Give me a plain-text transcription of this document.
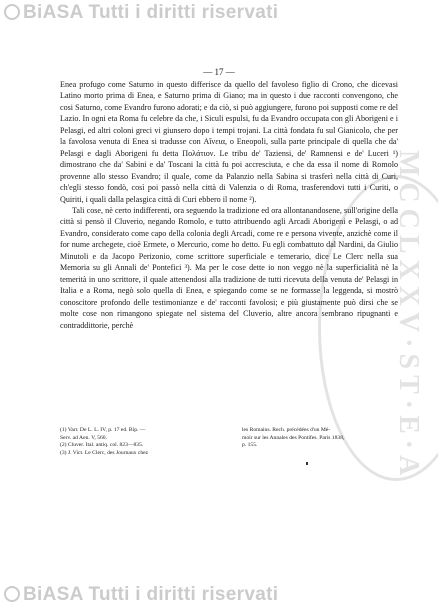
BiASA Tutti i diritti riservati
MCCLXXV·ST·E·A
— 17 —

Enea profugo come Saturno in questo differisce da quello del favoleso figlio di Crono, che dicevasi Latino morto prima di Enea, e Saturno prima di Giano; ma in questo i due racconti convengono, che cosi Saturno, come Evandro furono adorati; e da ciò, si può aggiungere, furono poi supposti come re del Lazio. In ogni eta Roma fu celebre da che, i Siculi espulsi, fu da Evandro occupata con gli Aborigeni e i Pelasgi, ed altri coloni greci vi giunsero dopo i tempi trojani. La città fondata fu sul Gianicolo, che per la favolosa venuta di Enea si tradusse con Αἴνεια, o Eneopoli, sulla parte principale di quella che da' Pelasgi e dagli Aborigeni fu detta Πολάτιον. Le tribu de' Taziensi, de' Ramnensi e de' Luceri ¹) dimostrano che da' Sabini e da' Toscani la città fu poi accresciuta, e che da essa il nome di Romolo provenne allo stesso Evandro; il quale, come da Palanzio nella Sabina si trasferì nella città di Curi, ch'egli stesso fondò, così poi passò nella città di Valenzia o di Roma, trasferendovi tutti i Curiti, o Quiriti, i quali dalla pelasgica città di Curi ebbero il nome ²).

Tali cose, nè certo indifferenti, ora seguendo la tradizione ed ora allontanandosene, sull'origine della città si pensò il Cluverio, negando Romolo, e tutto attribuendo agli Arcadi Aborigeni e Pelasgi, o ad Evandro, considerato come capo della colonia degli Arcadi, come re e persona vivente, anzichè come il for nume archegete, cioè Ermete, o Mercurio, come ho detto. Fu egli combattuto dal Nardini, da Giulio Minutoli e da Jacopo Perizonio, come scrittore superficiale e temerario, dice Le Clerc nella sua Memoria su gli Annali de' Pontefici ³). Ma per le cose dette io non veggo nè la superficialità nè la temerità in uno scrittore, il quale attenendosi alla tradizione de tutti ricevuta della venuta de' Pelasgi in Italia e a Roma, negò solo quella di Enea, e spiegando come se ne formasse la leggenda, si mostrò conoscitore profondo delle testimonianze e de' racconti favolosi; e più giustamente può dirsi che se molte cose non rimangono spiegate nel sistema del Cluverio, altre ancora sembrano ripugnanti e contraddittorie, perchè

(1) Varr. De L. L. IV, p. 17 ed. Bip. —
Serv. ad Aen. V, 560.
(2) Cluver. Ital. antiq. col. 823—835.
(3) J. Vict. Le Clerc, des Journaux chez
les Romains. Rech. précédées d'un Mé-
moir sur les Annales des Pontifes. Paris 1838,
p. 155.
BiASA Tutti i diritti riservati
